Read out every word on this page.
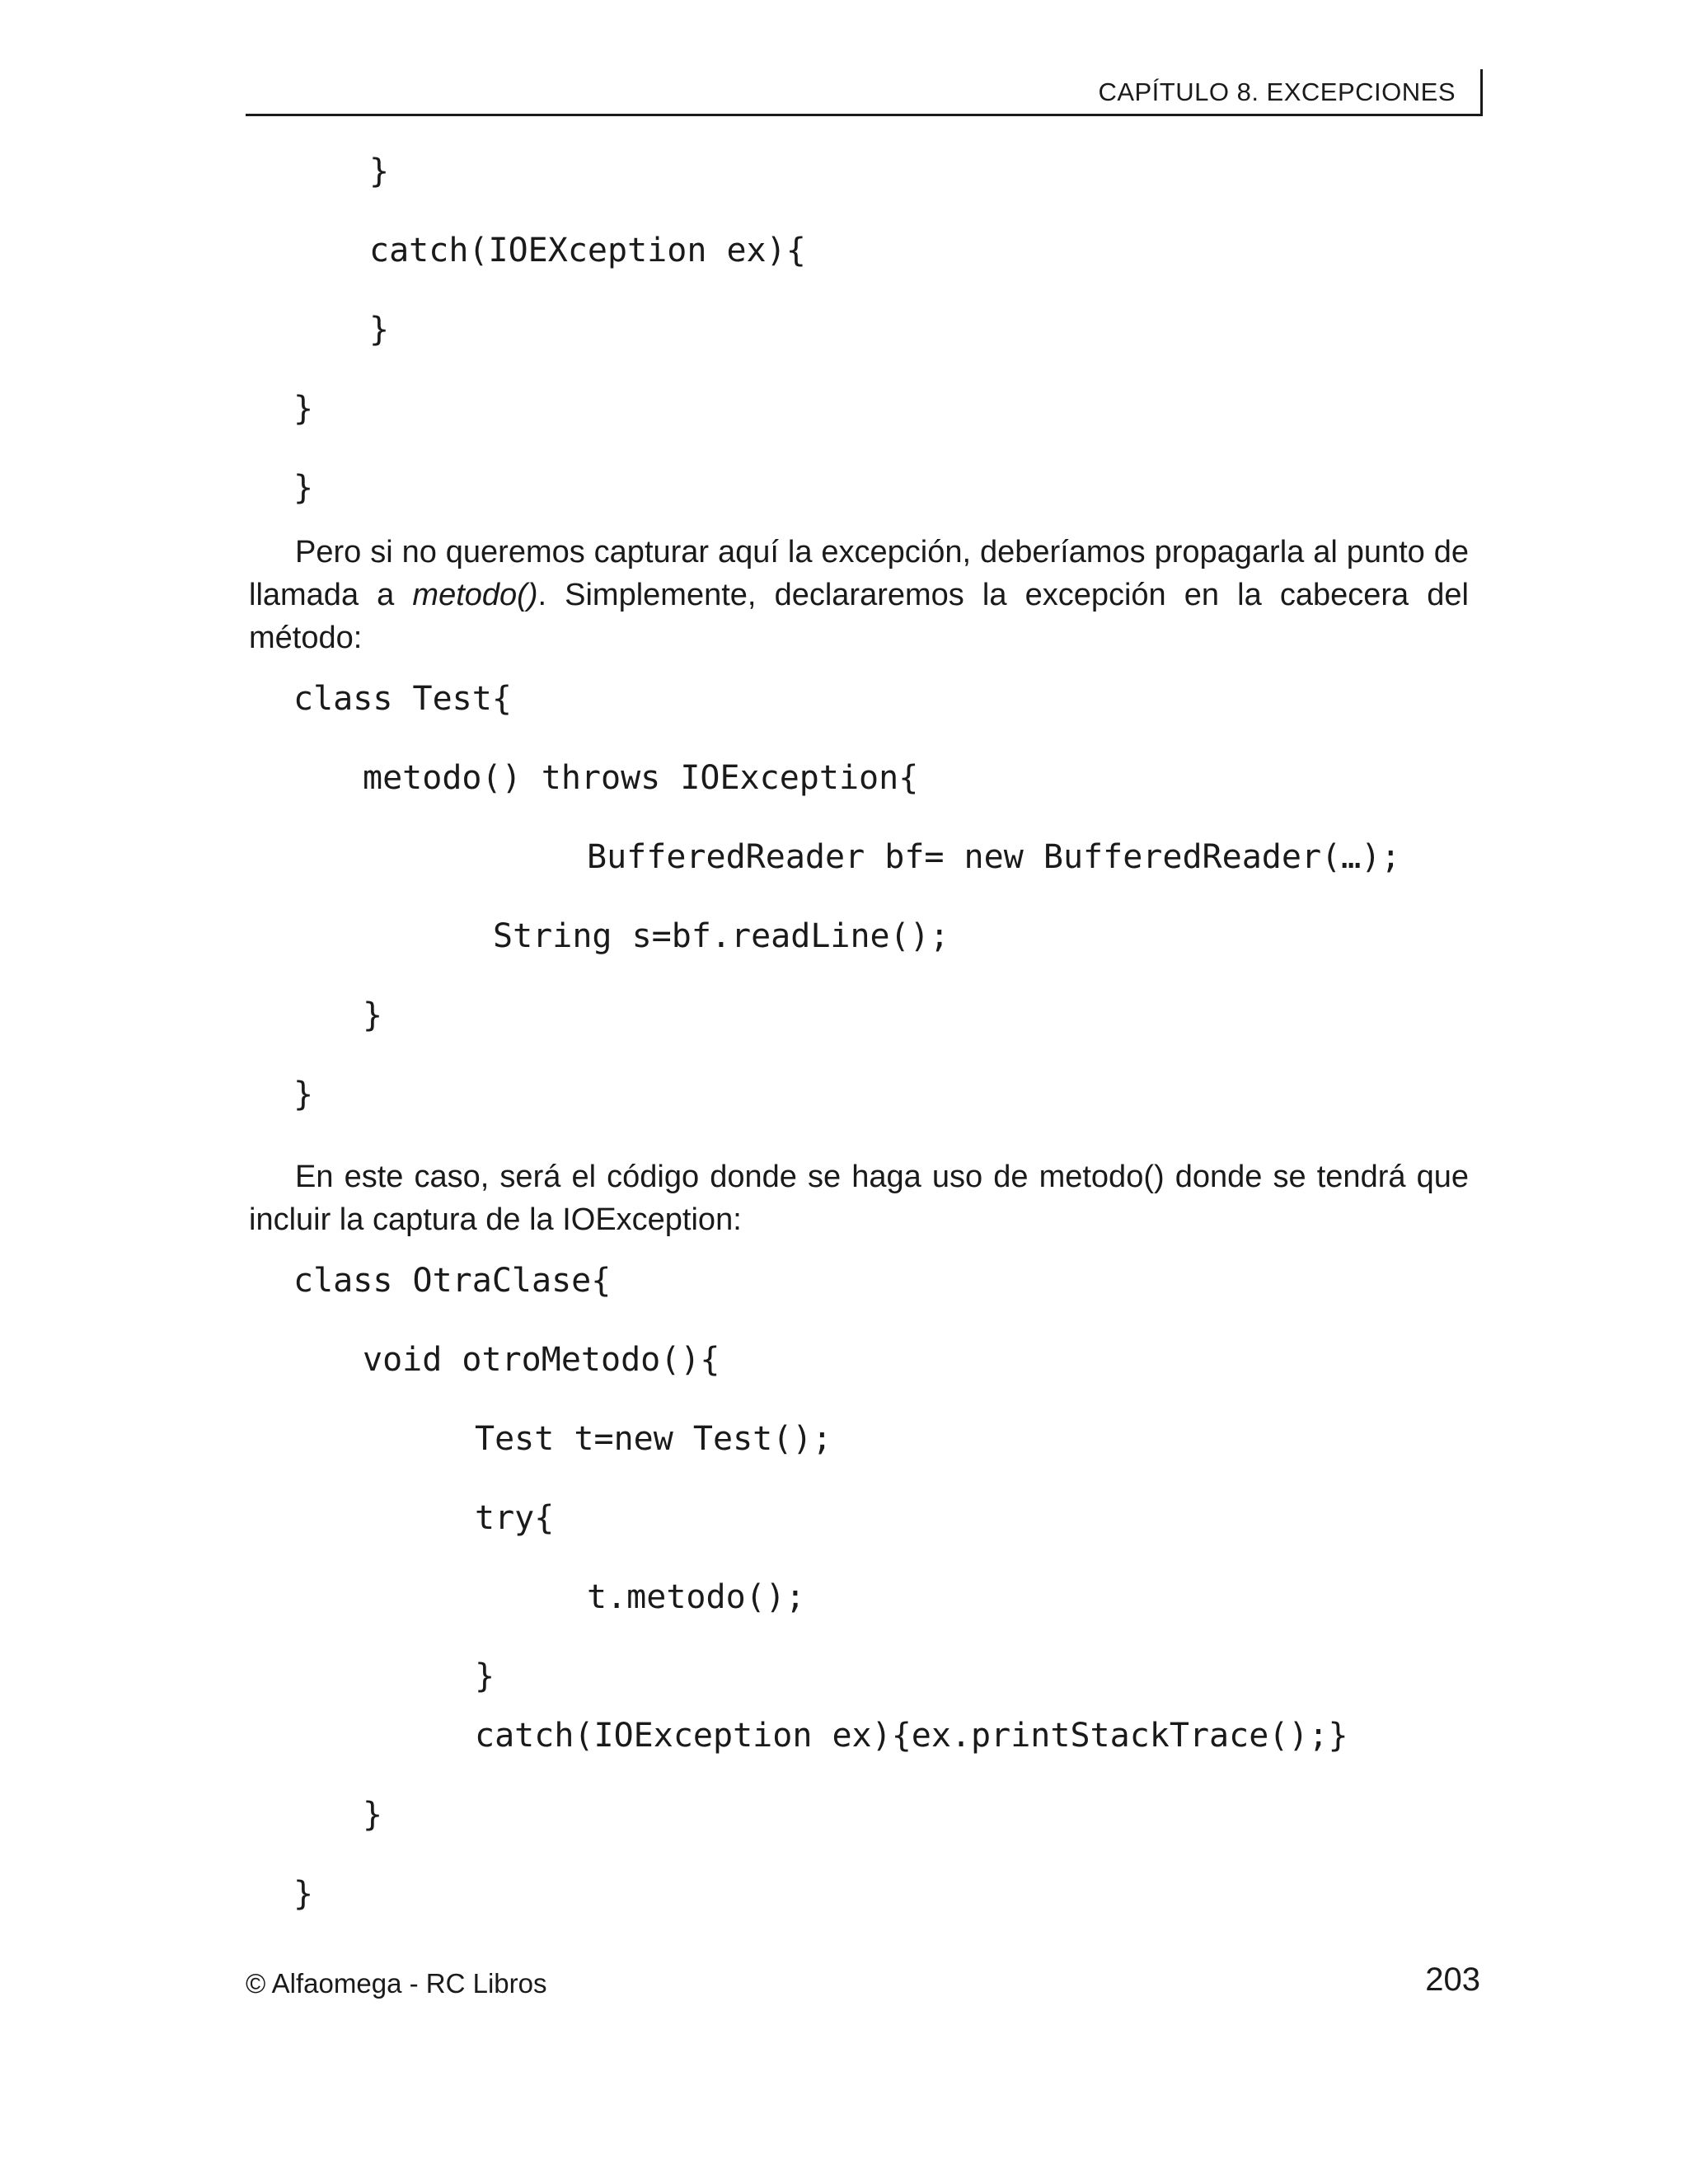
CAPÍTULO 8. EXCEPCIONES
}
catch(IOEXception ex){
}
}
}
Pero si no queremos capturar aquí la excepción, deberíamos propagarla al punto de llamada a metodo(). Simplemente, declararemos la excepción en la cabecera del método:
class Test{
metodo() throws IOException{
BufferedReader bf= new BufferedReader(…);
String s=bf.readLine();
}
}
En este caso, será el código donde se haga uso de metodo() donde se tendrá que incluir la captura de la IOException:
class OtraClase{
void otroMetodo(){
Test t=new Test();
try{
t.metodo();
}
catch(IOException ex){ex.printStackTrace();}
}
}
© Alfaomega - RC Libros	203
